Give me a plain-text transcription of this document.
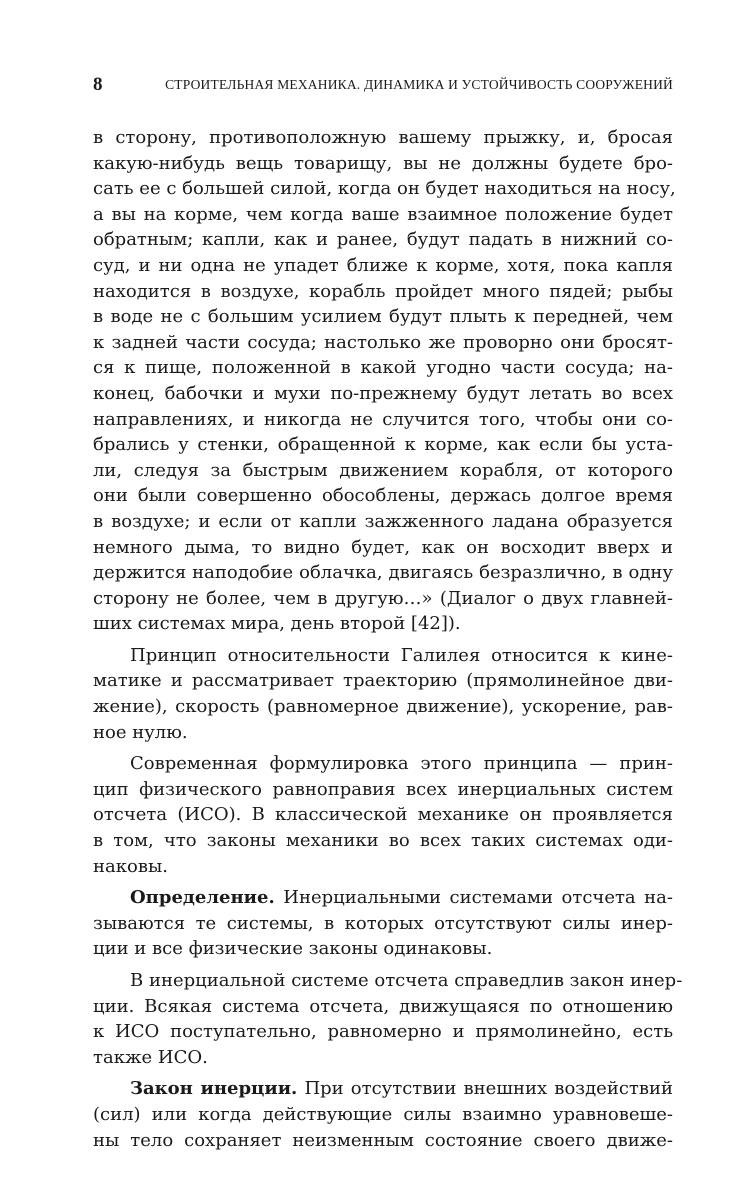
8	СТРОИТЕЛЬНАЯ МЕХАНИКА. ДИНАМИКА И УСТОЙЧИВОСТЬ СООРУЖЕНИЙ
в сторону, противоположную вашему прыжку, и, бросая
какую-нибудь вещь товарищу, вы не должны будете бро-
сать ее с большей силой, когда он будет находиться на носу,
а вы на корме, чем когда ваше взаимное положение будет
обратным; капли, как и ранее, будут падать в нижний со-
суд, и ни одна не упадет ближе к корме, хотя, пока капля
находится в воздухе, корабль пройдет много пядей; рыбы
в воде не с большим усилием будут плыть к передней, чем
к задней части сосуда; настолько же проворно они бросят-
ся к пище, положенной в какой угодно части сосуда; на-
конец, бабочки и мухи по-прежнему будут летать во всех
направлениях, и никогда не случится того, чтобы они со-
брались у стенки, обращенной к корме, как если бы уста-
ли, следуя за быстрым движением корабля, от которого
они были совершенно обособлены, держась долгое время
в воздухе; и если от капли зажженного ладана образуется
немного дыма, то видно будет, как он восходит вверх и
держится наподобие облачка, двигаясь безразлично, в одну
сторону не более, чем в другую…» (Диалог о двух главней-
ших системах мира, день второй [42]).
Принцип относительности Галилея относится к кине-
матике и рассматривает траекторию (прямолинейное дви-
жение), скорость (равномерное движение), ускорение, рав-
ное нулю.
Современная формулировка этого принципа — прин-
цип физического равноправия всех инерциальных систем
отсчета (ИСО). В классической механике он проявляется
в том, что законы механики во всех таких системах оди-
наковы.
Определение. Инерциальными системами отсчета на-
зываются те системы, в которых отсутствуют силы инер-
ции и все физические законы одинаковы.
В инерциальной системе отсчета справедлив закон инер-
ции. Всякая система отсчета, движущаяся по отношению
к ИСО поступательно, равномерно и прямолинейно, есть
также ИСО.
Закон инерции. При отсутствии внешних воздействий
(сил) или когда действующие силы взаимно уравновеше-
ны тело сохраняет неизменным состояние своего движе-
